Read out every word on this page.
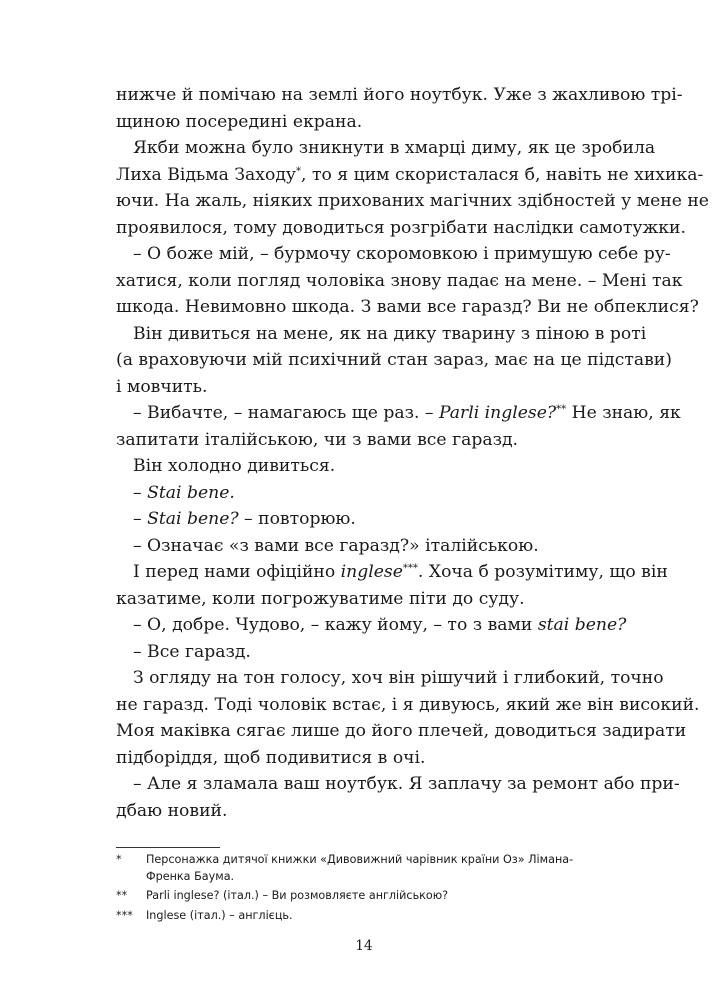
нижче й помічаю на землі його ноутбук. Уже з жахливою трі-
щиною посередині екрана.
Якби можна було зникнути в хмарці диму, як це зробила
Лиха Відьма Заходу*, то я цим скористалася б, навіть не хихика-
ючи. На жаль, ніяких прихованих магічних здібностей у мене не
проявилося, тому доводиться розгрібати наслідки самотужки.
– О боже мій, – бурмочу скоромовкою і примушую себе ру-
хатися, коли погляд чоловіка знову падає на мене. – Мені так
шкода. Невимовно шкода. З вами все гаразд? Ви не обпеклися?
Він дивиться на мене, як на дику тварину з піною в роті
(а враховуючи мій психічний стан зараз, має на це підстави)
і мовчить.
– Вибачте, – намагаюсь ще раз. – Parli inglese?** Не знаю, як
запитати італійською, чи з вами все гаразд.
Він холодно дивиться.
– Stai bene.
– Stai bene? – повторюю.
– Означає «з вами все гаразд?» італійською.
І перед нами офіційно inglese***. Хоча б розумітиму, що він
казатиме, коли погрожуватиме піти до суду.
– О, добре. Чудово, – кажу йому, – то з вами stai bene?
– Все гаразд.
З огляду на тон голосу, хоч він рішучий і глибокий, точно
не гаразд. Тоді чоловік встає, і я дивуюсь, який же він високий.
Моя маківка сягає лише до його плечей, доводиться задирати
підборіддя, щоб подивитися в очі.
– Але я зламала ваш ноутбук. Я заплачу за ремонт або при-
дбаю новий.
*	Персонажка дитячої книжки «Дивовижний чарівник країни Оз» Лімана-Френка Баума.
**	Parli inglese? (італ.) – Ви розмовляєте англійською?
***	Inglese (італ.) – англієць.
14
